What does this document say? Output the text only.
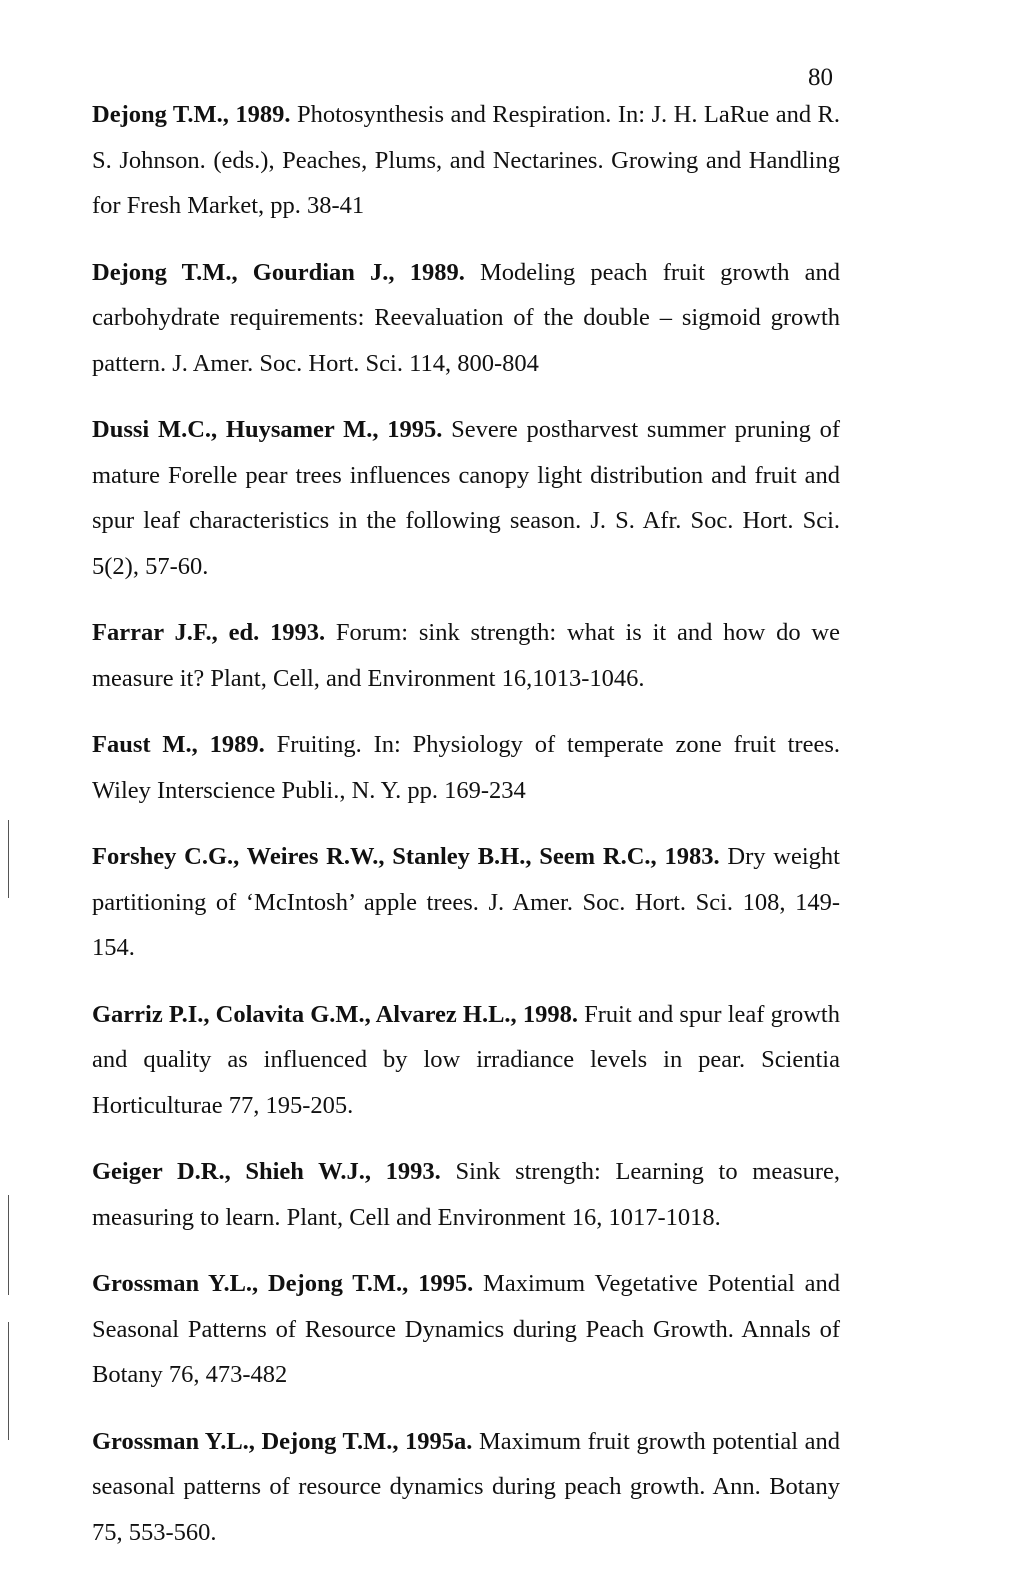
80

Dejong T.M., 1989. Photosynthesis and Respiration. In: J. H. LaRue and R. S. Johnson. (eds.), Peaches, Plums, and Nectarines. Growing and Handling for Fresh Market, pp. 38-41

Dejong T.M., Gourdian J., 1989. Modeling peach fruit growth and carbohydrate requirements: Reevaluation of the double – sigmoid growth pattern. J. Amer. Soc. Hort. Sci. 114, 800-804

Dussi M.C., Huysamer M., 1995. Severe postharvest summer pruning of mature Forelle pear trees influences canopy light distribution and fruit and spur leaf characteristics in the following season. J. S. Afr. Soc. Hort. Sci. 5(2), 57-60.

Farrar J.F., ed. 1993. Forum: sink strength: what is it and how do we measure it? Plant, Cell, and Environment 16,1013-1046.

Faust M., 1989. Fruiting. In: Physiology of temperate zone fruit trees. Wiley Interscience Publi., N. Y. pp. 169-234

Forshey C.G., Weires R.W., Stanley B.H., Seem R.C., 1983. Dry weight partitioning of ‘McIntosh’ apple trees. J. Amer. Soc. Hort. Sci. 108, 149-154.

Garriz P.I., Colavita G.M., Alvarez H.L., 1998. Fruit and spur leaf growth and quality as influenced by low irradiance levels in pear. Scientia Horticulturae 77, 195-205.

Geiger D.R., Shieh W.J., 1993. Sink strength: Learning to measure, measuring to learn. Plant, Cell and Environment 16, 1017-1018.

Grossman Y.L., Dejong T.M., 1995. Maximum Vegetative Potential and Seasonal Patterns of Resource Dynamics during Peach Growth. Annals of Botany 76, 473-482

Grossman Y.L., Dejong T.M., 1995a. Maximum fruit growth potential and seasonal patterns of resource dynamics during peach growth. Ann. Botany 75, 553-560.
